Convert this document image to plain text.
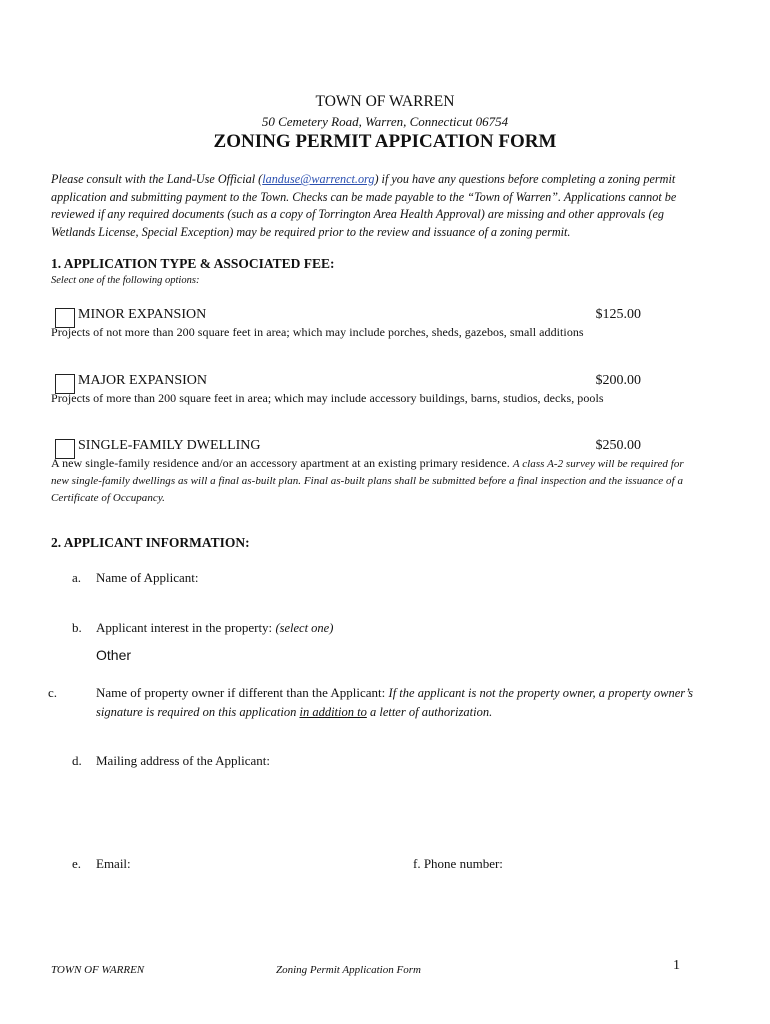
TOWN OF WARREN
50 Cemetery Road, Warren, Connecticut 06754
ZONING PERMIT APPICATION FORM
Please consult with the Land-Use Official (landuse@warrenct.org) if you have any questions before completing a zoning permit application and submitting payment to the Town. Checks can be made payable to the “Town of Warren”. Applications cannot be reviewed if any required documents (such as a copy of Torrington Area Health Approval) are missing and other approvals (eg Wetlands License, Special Exception) may be required prior to the review and issuance of a zoning permit.
1. APPLICATION TYPE & ASSOCIATED FEE:
Select one of the following options:
MINOR EXPANSION	$125.00
Projects of not more than 200 square feet in area; which may include porches, sheds, gazebos, small additions
MAJOR EXPANSION	$200.00
Projects of more than 200 square feet in area; which may include accessory buildings, barns, studios, decks, pools
SINGLE-FAMILY DWELLING	$250.00
A new single-family residence and/or an accessory apartment at an existing primary residence. A class A-2 survey will be required for new single-family dwellings as will a final as-built plan. Final as-built plans shall be submitted before a final inspection and the issuance of a Certificate of Occupancy.
2. APPLICANT INFORMATION:
a. Name of Applicant:
b. Applicant interest in the property: (select one)
Other
c.	Name of property owner if different than the Applicant: If the applicant is not the property owner, a property owner’s signature is required on this application in addition to a letter of authorization.
d. Mailing address of the Applicant:
e. Email:	f. Phone number:
TOWN OF WARREN	Zoning Permit Application Form	1
